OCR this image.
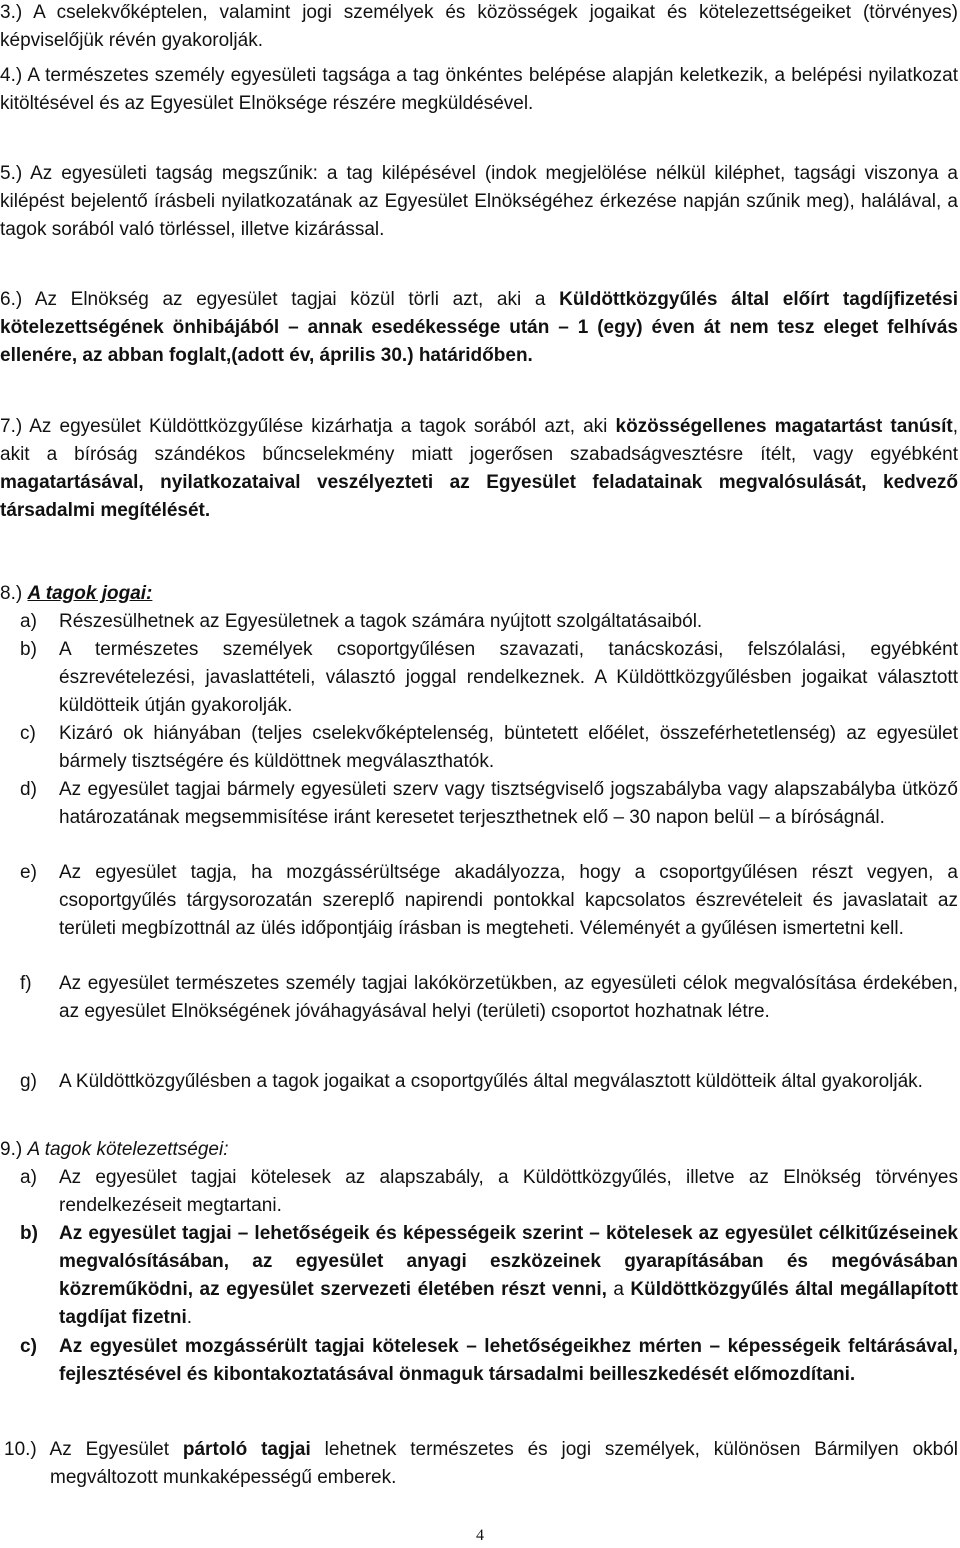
3.) A cselekvőképtelen, valamint jogi személyek és közösségek jogaikat és kötelezettségeiket (törvényes) képviselőjük révén gyakorolják.
4.) A természetes személy egyesületi tagsága a tag önkéntes belépése alapján keletkezik, a belépési nyilatkozat kitöltésével és az Egyesület Elnöksége részére megküldésével.
5.) Az egyesületi tagság megszűnik: a tag kilépésével (indok megjelölése nélkül kiléphet, tagsági viszonya a kilépést bejelentő írásbeli nyilatkozatának az Egyesület Elnökségéhez érkezése napján szűnik meg), halálával, a tagok sorából való törléssel, illetve kizárással.
6.) Az Elnökség az egyesület tagjai közül törli azt, aki a Küldöttközgyűlés által előírt tagdíjfizetési kötelezettségének önhibájából – annak esedékessége után – 1 (egy) éven át nem tesz eleget felhívás ellenére, az abban foglalt,(adott év, április 30.) határidőben.
7.) Az egyesület Küldöttközgyűlése kizárhatja a tagok sorából azt, aki közösségellenes magatartást tanúsít, akit a bíróság szándékos bűncselekmény miatt jogerősen szabadságvesztésre ítélt, vagy egyébként magatartásával, nyilatkozataival veszélyezteti az Egyesület feladatainak megvalósulását, kedvező társadalmi megítélését.
8.) A tagok jogai:
a) Részesülhetnek az Egyesületnek a tagok számára nyújtott szolgáltatásaiból.
b) A természetes személyek csoportgyűlésen szavazati, tanácskozási, felszólalási, egyébként észrevételezési, javaslattételi, választó joggal rendelkeznek. A Küldöttközgyűlésben jogaikat választott küldötteik útján gyakorolják.
c) Kizáró ok hiányában (teljes cselekvőképtelenség, büntetett előélet, összeférhetetlenség) az egyesület bármely tisztségére és küldöttnek megválaszthatók.
d) Az egyesület tagjai bármely egyesületi szerv vagy tisztségviselő jogszabályba vagy alapszabályba ütköző határozatának megsemmisítése iránt keresetet terjeszthetnek elő – 30 napon belül – a bíróságnál.
e) Az egyesület tagja, ha mozgássérültsége akadályozza, hogy a csoportgyűlésen részt vegyen, a csoportgyűlés tárgysorozatán szereplő napirendi pontokkal kapcsolatos észrevételeit és javaslatait az területi megbízottnál az ülés időpontjáig írásban is megteheti. Véleményét a gyűlésen ismertetni kell.
f) Az egyesület természetes személy tagjai lakókörzetükben, az egyesületi célok megvalósítása érdekében, az egyesület Elnökségének jóváhagyásával helyi (területi) csoportot hozhatnak létre.
g) A Küldöttközgyűlésben a tagok jogaikat a csoportgyűlés által megválasztott küldötteik által gyakorolják.
9.) A tagok kötelezettségei:
a) Az egyesület tagjai kötelesek az alapszabály, a Küldöttközgyűlés, illetve az Elnökség törvényes rendelkezéseit megtartani.
b) Az egyesület tagjai – lehetőségeik és képességeik szerint – kötelesek az egyesület célkitűzéseinek megvalósításában, az egyesület anyagi eszközeinek gyarapításában és megóvásában közreműködni, az egyesület szervezeti életében részt venni, a Küldöttközgyűlés által megállapított tagdíjat fizetni.
c) Az egyesület mozgássérült tagjai kötelesek – lehetőségeikhez mérten – képességeik feltárásával, fejlesztésével és kibontakoztatásával önmaguk társadalmi beilleszkedését előmozdítani.
10.) Az Egyesület pártoló tagjai lehetnek természetes és jogi személyek, különösen Bármilyen okból megváltozott munkaképességű emberek.
4
